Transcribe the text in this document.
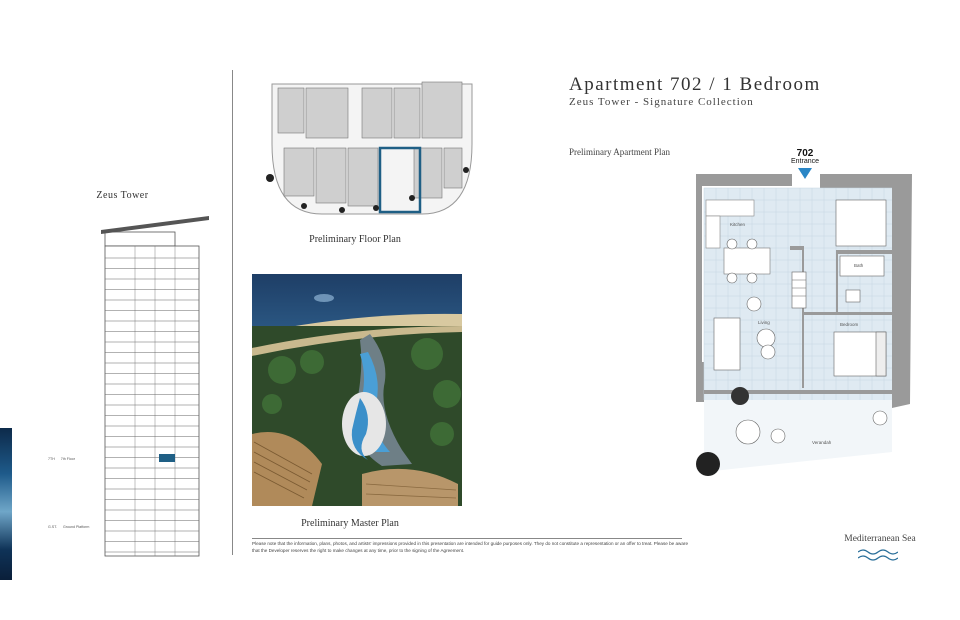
Zeus Tower
7TH 7th Floor
G.ST. Ground Platform
Preliminary Floor Plan
Preliminary Master Plan
Apartment 702 / 1 Bedroom
Zeus Tower - Signature Collection
Preliminary Apartment Plan	702
Entrance
Kitchen
Living
Bath
Bedroom
Verandah
Please note that the information, plans, photos, and artists' impressions provided in this presentation are intended for guide purposes only. They do not constitute a representation or an offer to treat. Please be aware that the Developer reserves the right to make changes at any time, prior to the signing of the Agreement.
Mediterranean Sea
